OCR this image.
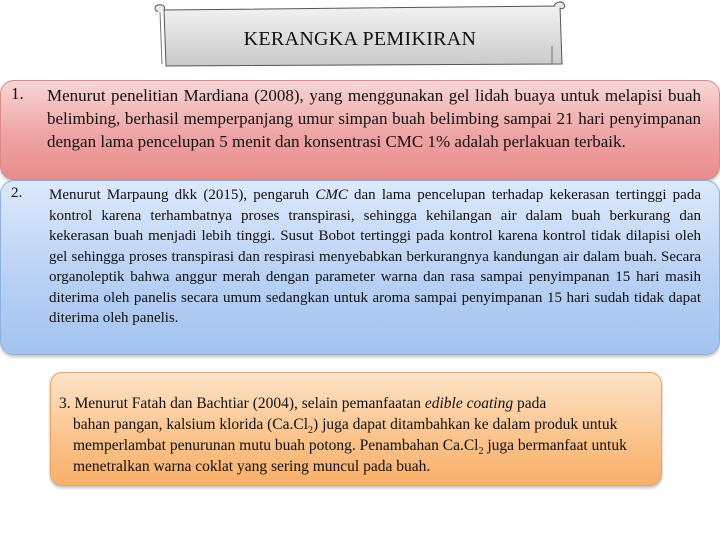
KERANGKA PEMIKIRAN
1. Menurut penelitian Mardiana (2008), yang menggunakan gel lidah buaya untuk melapisi buah belimbing, berhasil memperpanjang umur simpan buah belimbing sampai 21 hari penyimpanan dengan lama pencelupan 5 menit dan konsentrasi CMC 1% adalah perlakuan terbaik.

2. Menurut Marpaung dkk (2015), pengaruh CMC dan lama pencelupan terhadap kekerasan tertinggi pada kontrol karena terhambatnya proses transpirasi, sehingga kehilangan air dalam buah berkurang dan kekerasan buah menjadi lebih tinggi. Susut Bobot tertinggi pada kontrol karena kontrol tidak dilapisi oleh gel sehingga proses transpirasi dan respirasi menyebabkan berkurangnya kandungan air dalam buah. Secara organoleptik bahwa anggur merah dengan parameter warna dan rasa sampai penyimpanan 15 hari masih diterima oleh panelis secara umum sedangkan untuk aroma sampai penyimpanan 15 hari sudah tidak dapat diterima oleh panelis.

3. Menurut Fatah dan Bachtiar (2004), selain pemanfaatan edible coating pada
bahan pangan, kalsium klorida $(Ca.Cl_2)$ juga dapat ditambahkan ke dalam produk untuk memperlambat penurunan mutu buah potong. Penambahan $Ca.Cl_2$ juga bermanfaat untuk menetralkan warna coklat yang sering muncul pada buah.
